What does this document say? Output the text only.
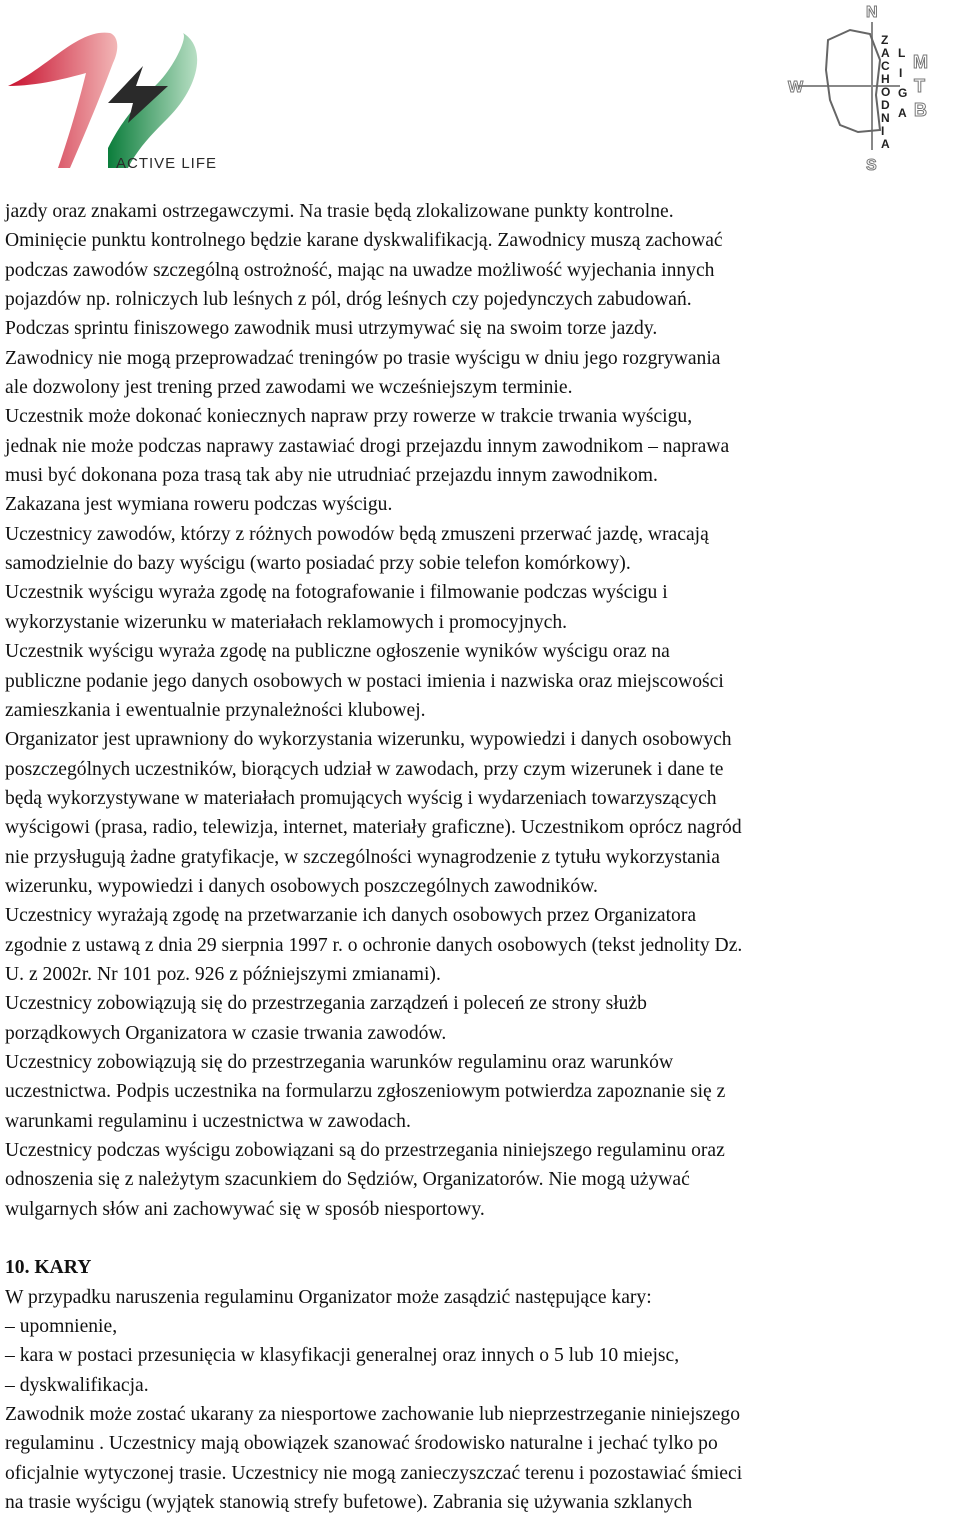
ACTIVE LIFE
N
S
W
Z
A
C
H
O
D
N
I
A
L
I
G
A
M
T
B
jazdy oraz znakami ostrzegawczymi. Na trasie będą zlokalizowane punkty kontrolne.
Ominięcie punktu kontrolnego będzie karane dyskwalifikacją. Zawodnicy muszą zachować
podczas zawodów szczególną ostrożność, mając na uwadze możliwość wyjechania innych
pojazdów np. rolniczych lub leśnych z pól, dróg leśnych czy pojedynczych zabudowań.
Podczas sprintu finiszowego zawodnik musi utrzymywać się na swoim torze jazdy.
Zawodnicy nie mogą przeprowadzać treningów po trasie wyścigu w dniu jego rozgrywania
ale dozwolony jest trening przed zawodami we wcześniejszym terminie.
Uczestnik może dokonać koniecznych napraw przy rowerze w trakcie trwania wyścigu,
jednak nie może podczas naprawy zastawiać drogi przejazdu innym zawodnikom – naprawa
musi być dokonana poza trasą tak aby nie utrudniać przejazdu innym zawodnikom.
Zakazana jest wymiana roweru podczas wyścigu.
Uczestnicy zawodów, którzy z różnych powodów będą zmuszeni przerwać jazdę, wracają
samodzielnie do bazy wyścigu (warto posiadać przy sobie telefon komórkowy).
Uczestnik wyścigu wyraża zgodę na fotografowanie i filmowanie podczas wyścigu i
wykorzystanie wizerunku w materiałach reklamowych i promocyjnych.
Uczestnik wyścigu wyraża zgodę na publiczne ogłoszenie wyników wyścigu oraz na
publiczne podanie jego danych osobowych w postaci imienia i nazwiska oraz miejscowości
zamieszkania i ewentualnie przynależności klubowej.
Organizator jest uprawniony do wykorzystania wizerunku, wypowiedzi i danych osobowych
poszczególnych uczestników, biorących udział w zawodach, przy czym wizerunek i dane te
będą wykorzystywane w materiałach promujących wyścig i wydarzeniach towarzyszących
wyścigowi (prasa, radio, telewizja, internet, materiały graficzne). Uczestnikom oprócz nagród
nie przysługują żadne gratyfikacje, w szczególności wynagrodzenie z tytułu wykorzystania
wizerunku, wypowiedzi i danych osobowych poszczególnych zawodników.
Uczestnicy wyrażają zgodę na przetwarzanie ich danych osobowych przez Organizatora
zgodnie z ustawą z dnia 29 sierpnia 1997 r. o ochronie danych osobowych (tekst jednolity Dz.
U. z 2002r. Nr 101 poz. 926 z późniejszymi zmianami).
Uczestnicy zobowiązują się do przestrzegania zarządzeń i poleceń ze strony służb
porządkowych Organizatora w czasie trwania zawodów.
Uczestnicy zobowiązują się do przestrzegania warunków regulaminu oraz warunków
uczestnictwa. Podpis uczestnika na formularzu zgłoszeniowym potwierdza zapoznanie się z
warunkami regulaminu i uczestnictwa w zawodach.
Uczestnicy podczas wyścigu zobowiązani są do przestrzegania niniejszego regulaminu oraz
odnoszenia się z należytym szacunkiem do Sędziów, Organizatorów. Nie mogą używać
wulgarnych słów ani zachowywać się w sposób niesportowy.
10. KARY
W przypadku naruszenia regulaminu Organizator może zasądzić następujące kary:
– upomnienie,
– kara w postaci przesunięcia w klasyfikacji generalnej oraz innych o 5 lub 10 miejsc,
– dyskwalifikacja.
Zawodnik może zostać ukarany za niesportowe zachowanie lub nieprzestrzeganie niniejszego
regulaminu . Uczestnicy mają obowiązek szanować środowisko naturalne i jechać tylko po
oficjalnie wytyczonej trasie. Uczestnicy nie mogą zanieczyszczać terenu i pozostawiać śmieci
na trasie wyścigu (wyjątek stanowią strefy bufetowe). Zabrania się używania szklanych
